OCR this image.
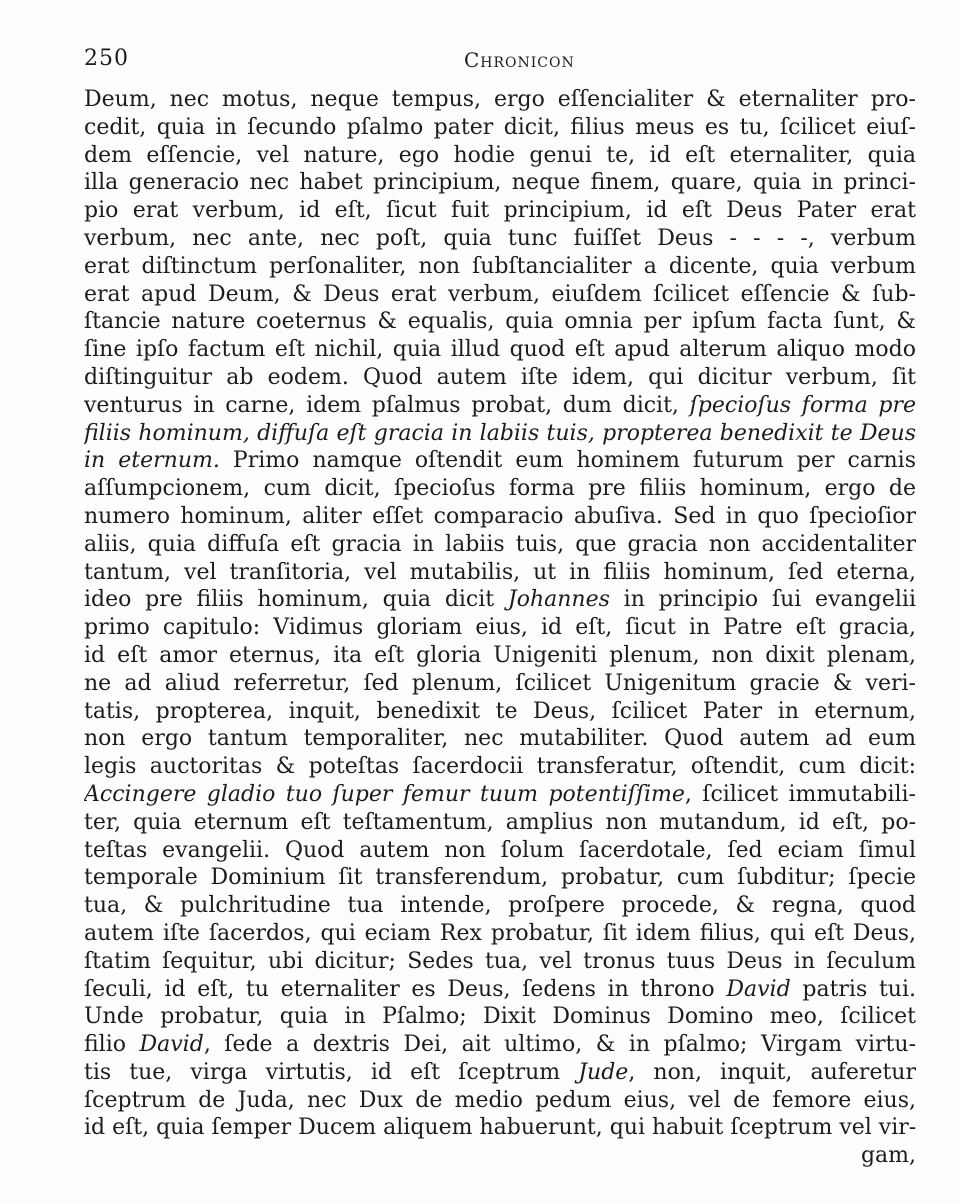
250	Chronicon
Deum, nec motus, neque tempus, ergo eſſencialiter & eternaliter pro-
cedit, quia in ſecundo pſalmo pater dicit, filius meus es tu, ſcilicet eiuſ-
dem eſſencie, vel nature, ego hodie genui te, id eſt eternaliter, quia
illa generacio nec habet principium, neque finem, quare, quia in princi-
pio erat verbum, id eſt, ſicut fuit principium, id eſt Deus Pater erat
verbum, nec ante, nec poſt, quia tunc fuiſſet Deus - - - -, verbum
erat diſtinctum perſonaliter, non ſubſtancialiter a dicente, quia verbum
erat apud Deum, & Deus erat verbum, eiuſdem ſcilicet eſſencie & ſub-
ſtancie nature coeternus & equalis, quia omnia per ipſum facta ſunt, &
ſine ipſo factum eſt nichil, quia illud quod eſt apud alterum aliquo modo
diſtinguitur ab eodem. Quod autem iſte idem, qui dicitur verbum, ſit
venturus in carne, idem pſalmus probat, dum dicit, ſpecioſus forma pre
filiis hominum, diffuſa eſt gracia in labiis tuis, propterea benedixit te Deus
in eternum. Primo namque oſtendit eum hominem futurum per carnis
aſſumpcionem, cum dicit, ſpecioſus forma pre filiis hominum, ergo de
numero hominum, aliter eſſet comparacio abuſiva. Sed in quo ſpecioſior
aliis, quia diffuſa eſt gracia in labiis tuis, que gracia non accidentaliter
tantum, vel tranſitoria, vel mutabilis, ut in filiis hominum, ſed eterna,
ideo pre filiis hominum, quia dicit Johannes in principio ſui evangelii
primo capitulo: Vidimus gloriam eius, id eſt, ſicut in Patre eſt gracia,
id eſt amor eternus, ita eſt gloria Unigeniti plenum, non dixit plenam,
ne ad aliud referretur, ſed plenum, ſcilicet Unigenitum gracie & veri-
tatis, propterea, inquit, benedixit te Deus, ſcilicet Pater in eternum,
non ergo tantum temporaliter, nec mutabiliter. Quod autem ad eum
legis auctoritas & poteſtas ſacerdocii transferatur, oſtendit, cum dicit:
Accingere gladio tuo ſuper femur tuum potentiſſime, ſcilicet immutabili-
ter, quia eternum eſt teſtamentum, amplius non mutandum, id eſt, po-
teſtas evangelii. Quod autem non ſolum ſacerdotale, ſed eciam ſimul
temporale Dominium ſit transferendum, probatur, cum ſubditur; ſpecie
tua, & pulchritudine tua intende, proſpere procede, & regna, quod
autem iſte ſacerdos, qui eciam Rex probatur, ſit idem filius, qui eſt Deus,
ſtatim ſequitur, ubi dicitur; Sedes tua, vel tronus tuus Deus in ſeculum
ſeculi, id eſt, tu eternaliter es Deus, ſedens in throno David patris tui.
Unde probatur, quia in Pſalmo; Dixit Dominus Domino meo, ſcilicet
filio David, ſede a dextris Dei, ait ultimo, & in pſalmo; Virgam virtu-
tis tue, virga virtutis, id eſt ſceptrum Jude, non, inquit, auferetur
ſceptrum de Juda, nec Dux de medio pedum eius, vel de femore eius,
id eſt, quia ſemper Ducem aliquem habuerunt, qui habuit ſceptrum vel vir-
gam,
